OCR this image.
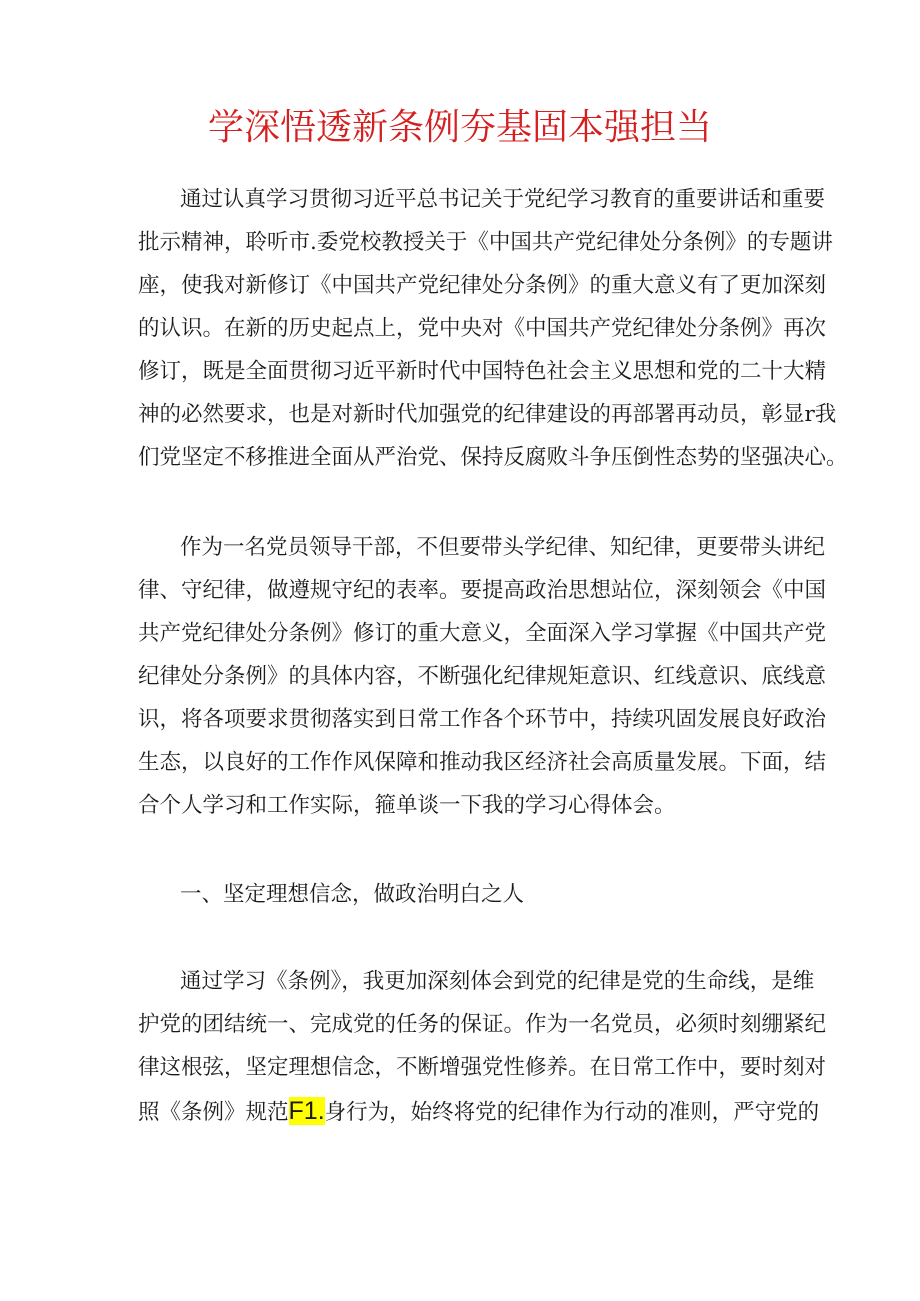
学深悟透新条例夯基固本强担当

通过认真学习贯彻习近平总书记关于党纪学习教育的重要讲话和重要

批示精神，聆听市.委党校教授关于《中国共产党纪律处分条例》的专题讲

座，使我对新修订《中国共产党纪律处分条例》的重大意义有了更加深刻

的认识。在新的历史起点上，党中央对《中国共产党纪律处分条例》再次

修订，既是全面贯彻习近平新时代中国特色社会主义思想和党的二十大精

神的必然要求，也是对新时代加强党的纪律建设的再部署再动员，彰显r我

们党坚定不移推进全面从严治党、保持反腐败斗争压倒性态势的坚强决心。

作为一名党员领导干部，不但要带头学纪律、知纪律，更要带头讲纪

律、守纪律，做遵规守纪的表率。要提高政治思想站位，深刻领会《中国

共产党纪律处分条例》修订的重大意义，全面深入学习掌握《中国共产党

纪律处分条例》的具体内容，不断强化纪律规矩意识、红线意识、底线意

识，将各项要求贯彻落实到日常工作各个环节中，持续巩固发展良好政治

生态，以良好的工作作风保障和推动我区经济社会高质量发展。下面，结

合个人学习和工作实际，箍单谈一下我的学习心得体会。

一、坚定理想信念，做政治明白之人

通过学习《条例》，我更加深刻体会到党的纪律是党的生命线，是维

护党的团结统一、完成党的任务的保证。作为一名党员，必须时刻绷紧纪

律这根弦，坚定理想信念，不断增强党性修养。在日常工作中，要时刻对

照《条例》规范F1.身行为，始终将党的纪律作为行动的准则，严守党的
